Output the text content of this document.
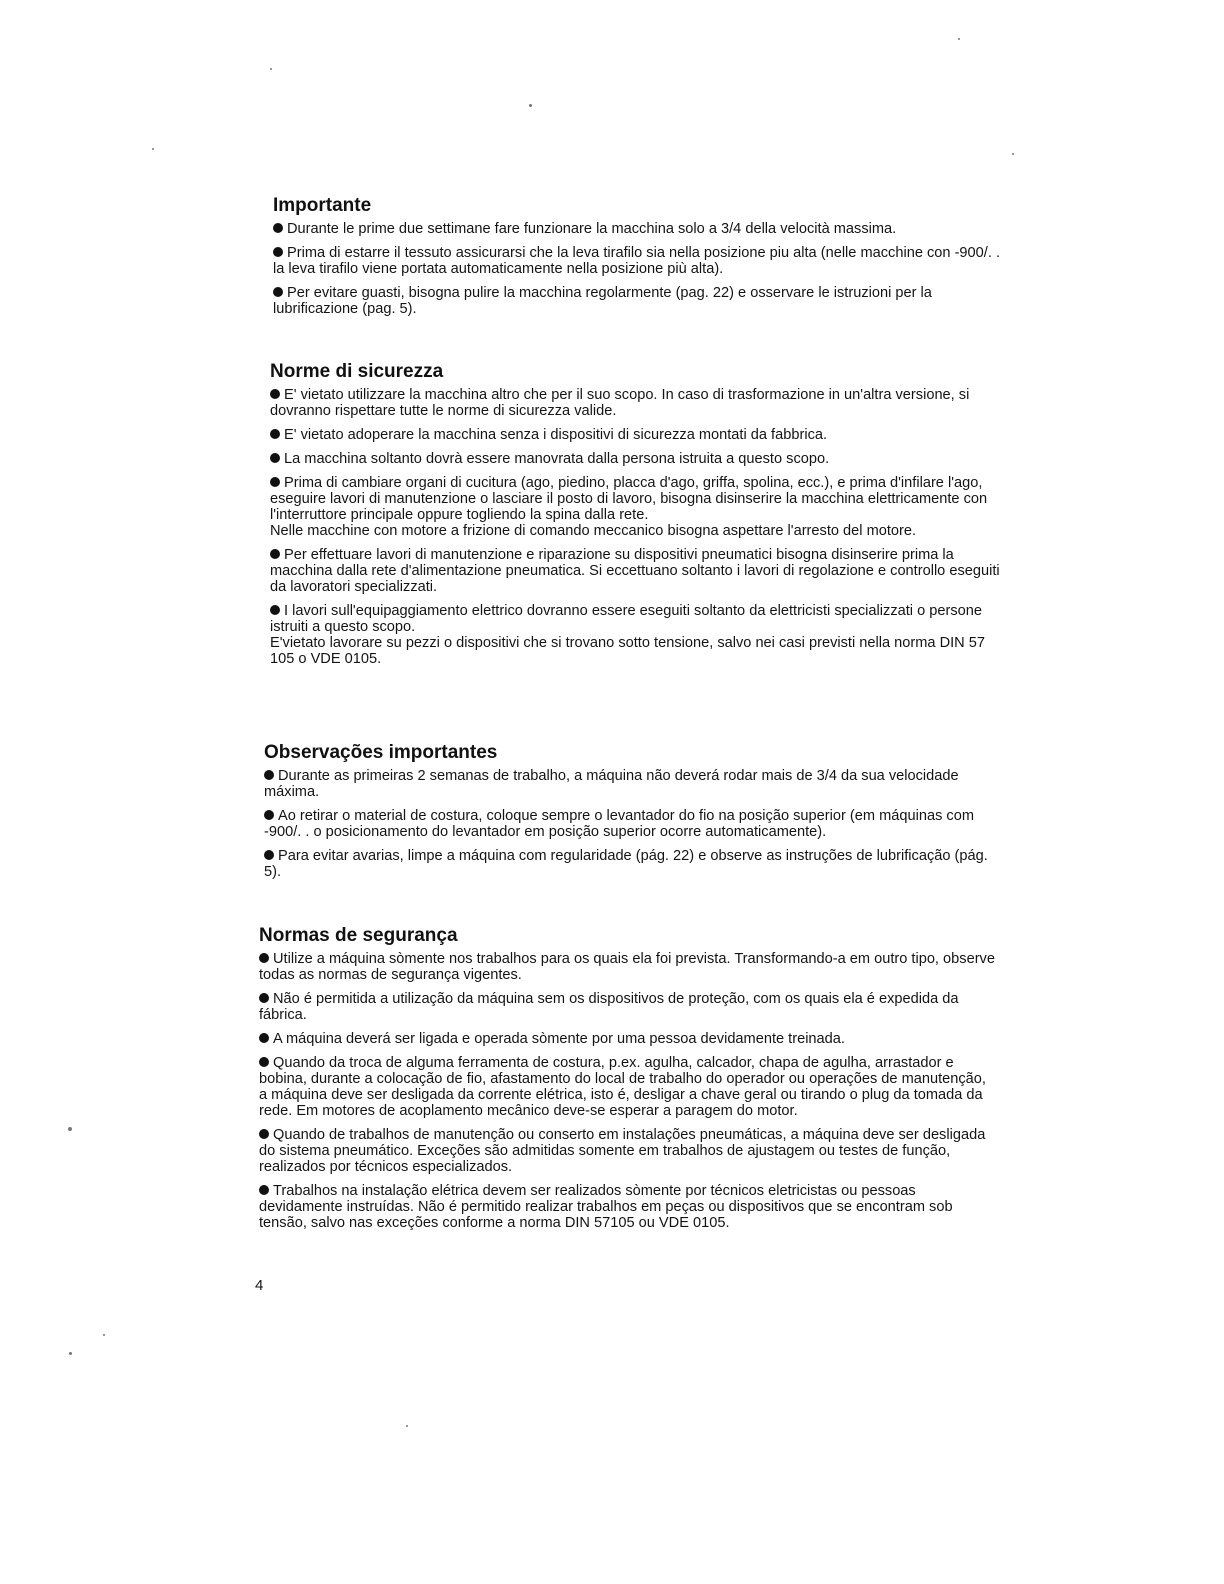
Importante
Durante le prime due settimane fare funzionare la macchina solo a 3/4 della velocità massima.
Prima di estarre il tessuto assicurarsi che la leva tirafilo sia nella posizione piu alta (nelle macchine con -900/. . la leva tirafilo viene portata automaticamente nella posizione più alta).
Per evitare guasti, bisogna pulire la macchina regolarmente (pag. 22) e osservare le istruzioni per la lubrificazione (pag. 5).
Norme di sicurezza
E' vietato utilizzare la macchina altro che per il suo scopo. In caso di trasformazione in un'altra versione, si dovranno rispettare tutte le norme di sicurezza valide.
E' vietato adoperare la macchina senza i dispositivi di sicurezza montati da fabbrica.
La macchina soltanto dovrà essere manovrata dalla persona istruita a questo scopo.
Prima di cambiare organi di cucitura (ago, piedino, placca d'ago, griffa, spolina, ecc.), e prima d'infilare l'ago, eseguire lavori di manutenzione o lasciare il posto di lavoro, bisogna disinserire la macchina elettricamente con l'interruttore principale oppure togliendo la spina dalla rete.
Nelle macchine con motore a frizione di comando meccanico bisogna aspettare l'arresto del motore.
Per effettuare lavori di manutenzione e riparazione su dispositivi pneumatici bisogna disinserire prima la macchina dalla rete d'alimentazione pneumatica. Si eccettuano soltanto i lavori di regolazione e controllo eseguiti da lavoratori specializzati.
I lavori sull'equipaggiamento elettrico dovranno essere eseguiti soltanto da elettricisti specializzati o persone istruiti a questo scopo.
E'vietato lavorare su pezzi o dispositivi che si trovano sotto tensione, salvo nei casi previsti nella norma DIN 57 105 o VDE 0105.
Observações importantes
Durante as primeiras 2 semanas de trabalho, a máquina não deverá rodar mais de 3/4 da sua velocidade máxima.
Ao retirar o material de costura, coloque sempre o levantador do fio na posição superior (em máquinas com -900/. . o posicionamento do levantador em posição superior ocorre automaticamente).
Para evitar avarias, limpe a máquina com regularidade (pág. 22) e observe as instruções de lubrificação (pág. 5).
Normas de segurança
Utilize a máquina sòmente nos trabalhos para os quais ela foi prevista. Transformando-a em outro tipo, observe todas as normas de segurança vigentes.
Não é permitida a utilização da máquina sem os dispositivos de proteção, com os quais ela é expedida da fábrica.
A máquina deverá ser ligada e operada sòmente por uma pessoa devidamente treinada.
Quando da troca de alguma ferramenta de costura, p.ex. agulha, calcador, chapa de agulha, arrastador e bobina, durante a colocação de fio, afastamento do local de trabalho do operador ou operações de manutenção, a máquina deve ser desligada da corrente elétrica, isto é, desligar a chave geral ou tirando o plug da tomada da rede. Em motores de acoplamento mecânico deve-se esperar a paragem do motor.
Quando de trabalhos de manutenção ou conserto em instalações pneumáticas, a máquina deve ser desligada do sistema pneumático. Exceções são admitidas somente em trabalhos de ajustagem ou testes de função, realizados por técnicos especializados.
Trabalhos na instalação elétrica devem ser realizados sòmente por técnicos eletricistas ou pessoas devidamente instruídas. Não é permitido realizar trabalhos em peças ou dispositivos que se encontram sob tensão, salvo nas exceções conforme a norma DIN 57105 ou VDE 0105.
4
